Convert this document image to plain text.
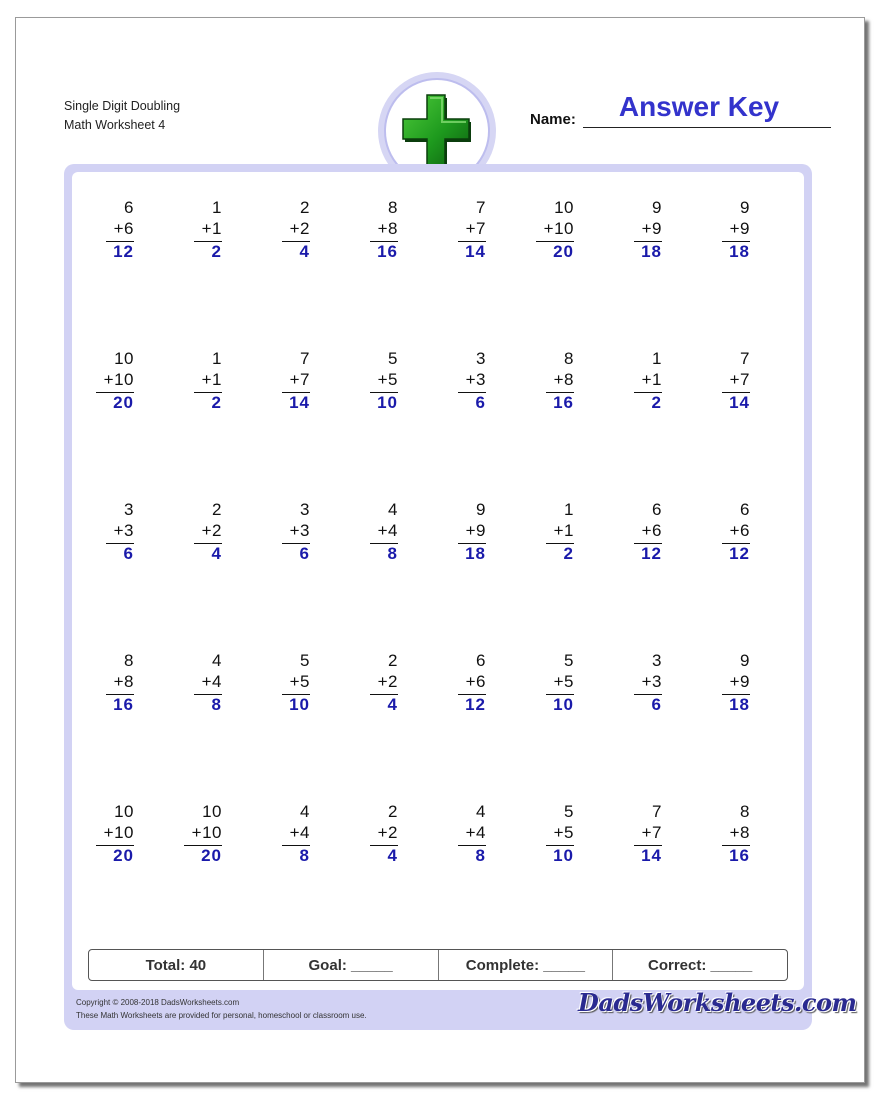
Single Digit Doubling
Math Worksheet 4	Name:	Answer Key
6
+6
12
1
+1
2
2
+2
4
8
+8
16
7
+7
14
10
+10
20
9
+9
18
9
+9
18
10
+10
20
1
+1
2
7
+7
14
5
+5
10
3
+3
6
8
+8
16
1
+1
2
7
+7
14
3
+3
6
2
+2
4
3
+3
6
4
+4
8
9
+9
18
1
+1
2
6
+6
12
6
+6
12
8
+8
16
4
+4
8
5
+5
10
2
+2
4
6
+6
12
5
+5
10
3
+3
6
9
+9
18
10
+10
20
10
+10
20
4
+4
8
2
+2
4
4
+4
8
5
+5
10
7
+7
14
8
+8
16
Total: 40	Goal: _____	Complete: _____	Correct: _____
Copyright © 2008-2018 DadsWorksheets.com
These Math Worksheets are provided for personal, homeschool or classroom use.	DadsWorksheets.com
